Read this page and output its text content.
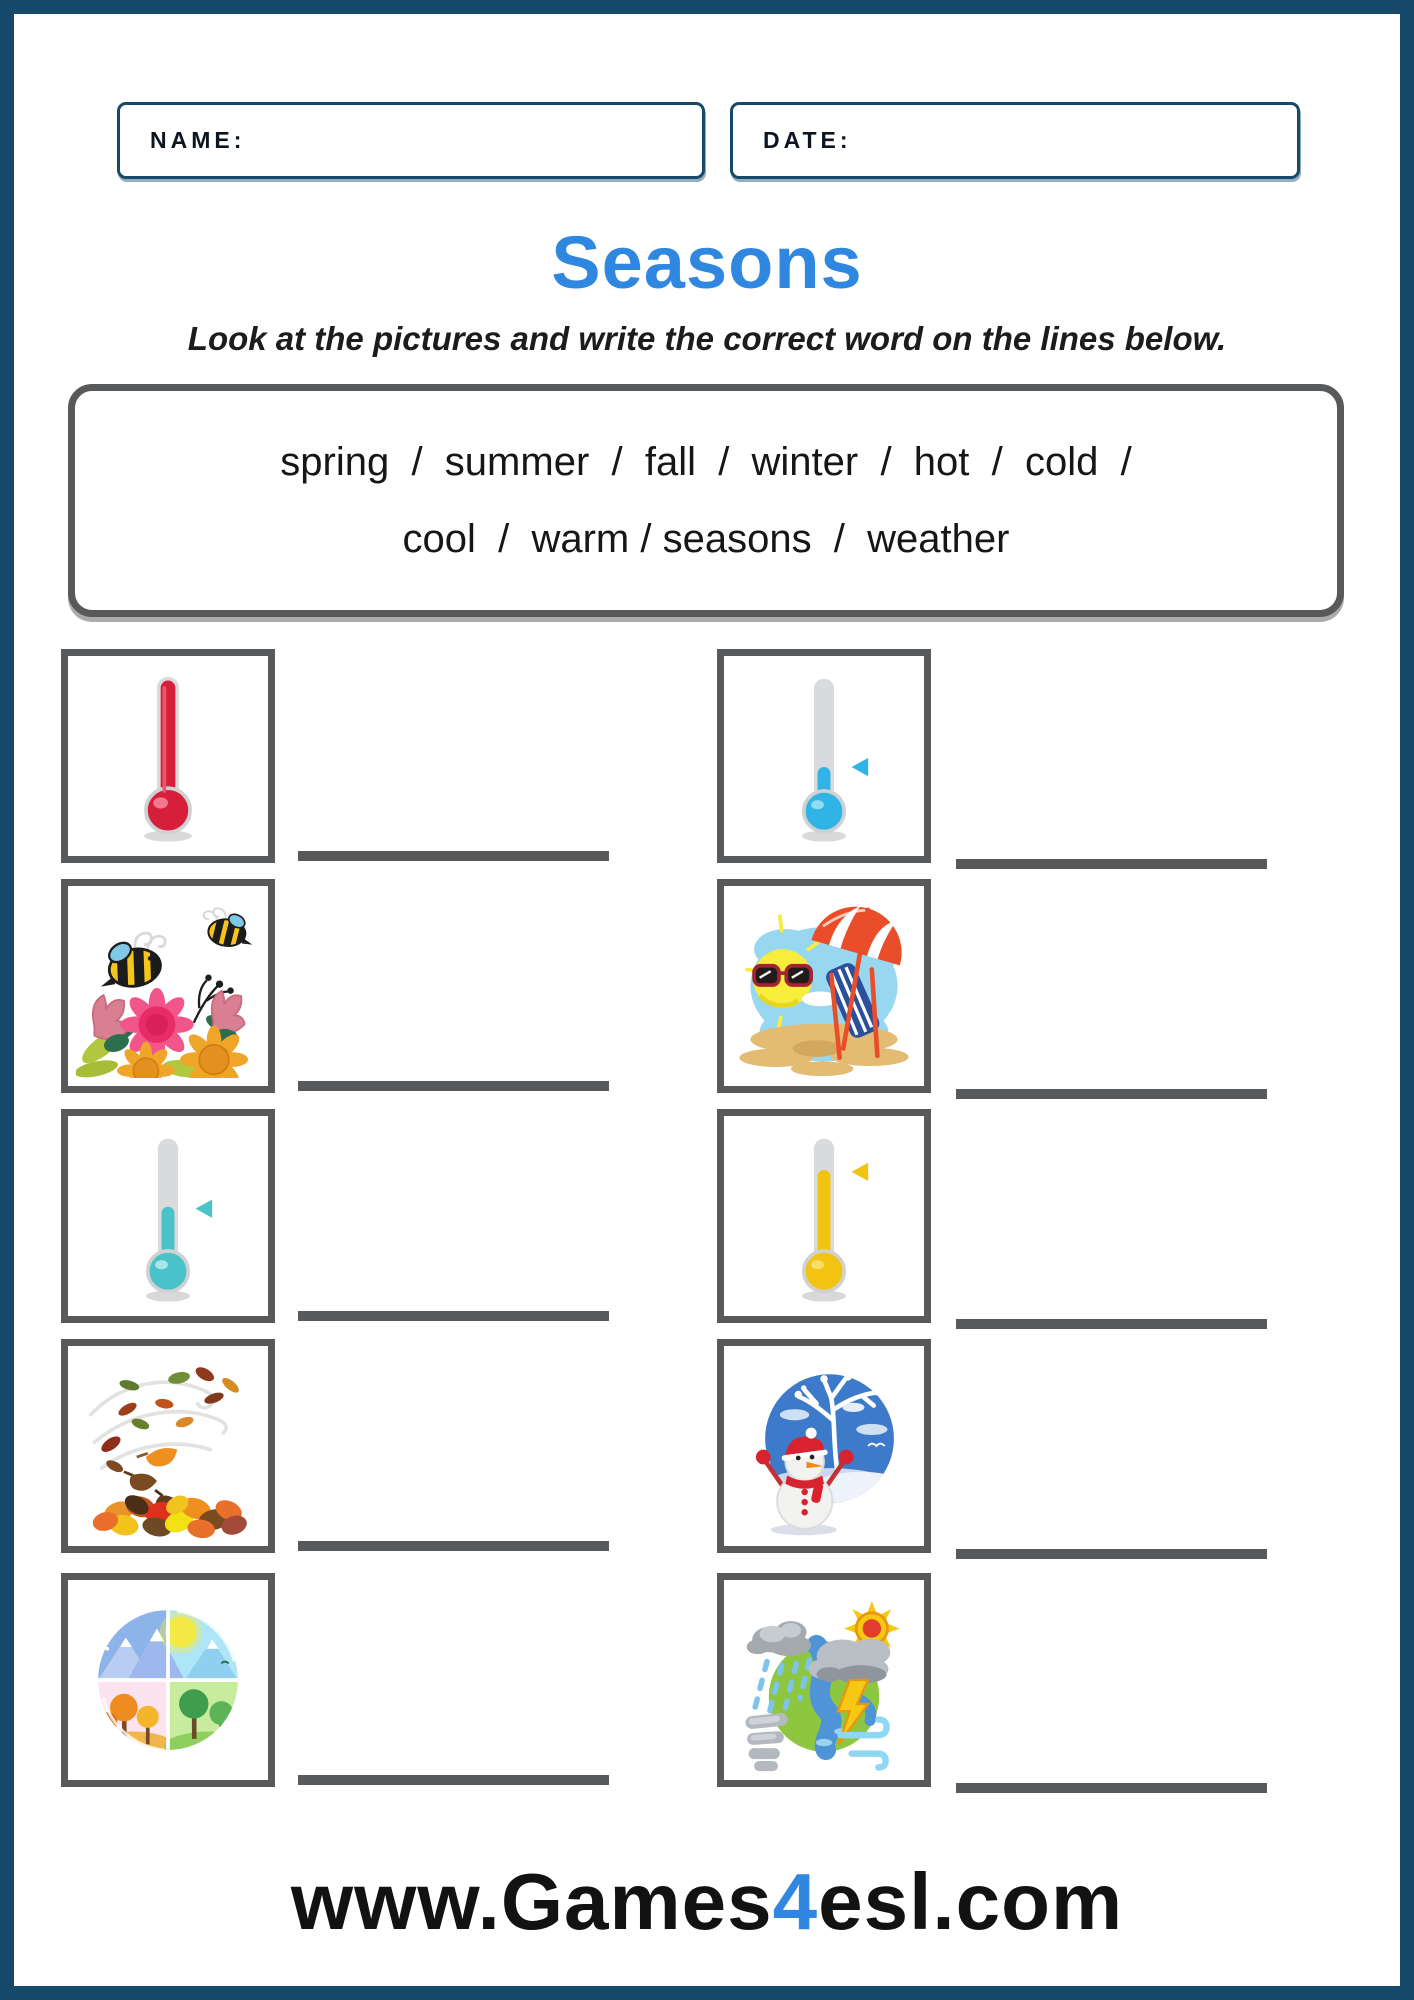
NAME:	DATE:
Seasons
Look at the pictures and write the correct word on the lines below.
spring  /  summer  /  fall  /  winter  /  hot  /  cold  /
cool  /  warm / seasons  /  weather
www.Games4esl.com
